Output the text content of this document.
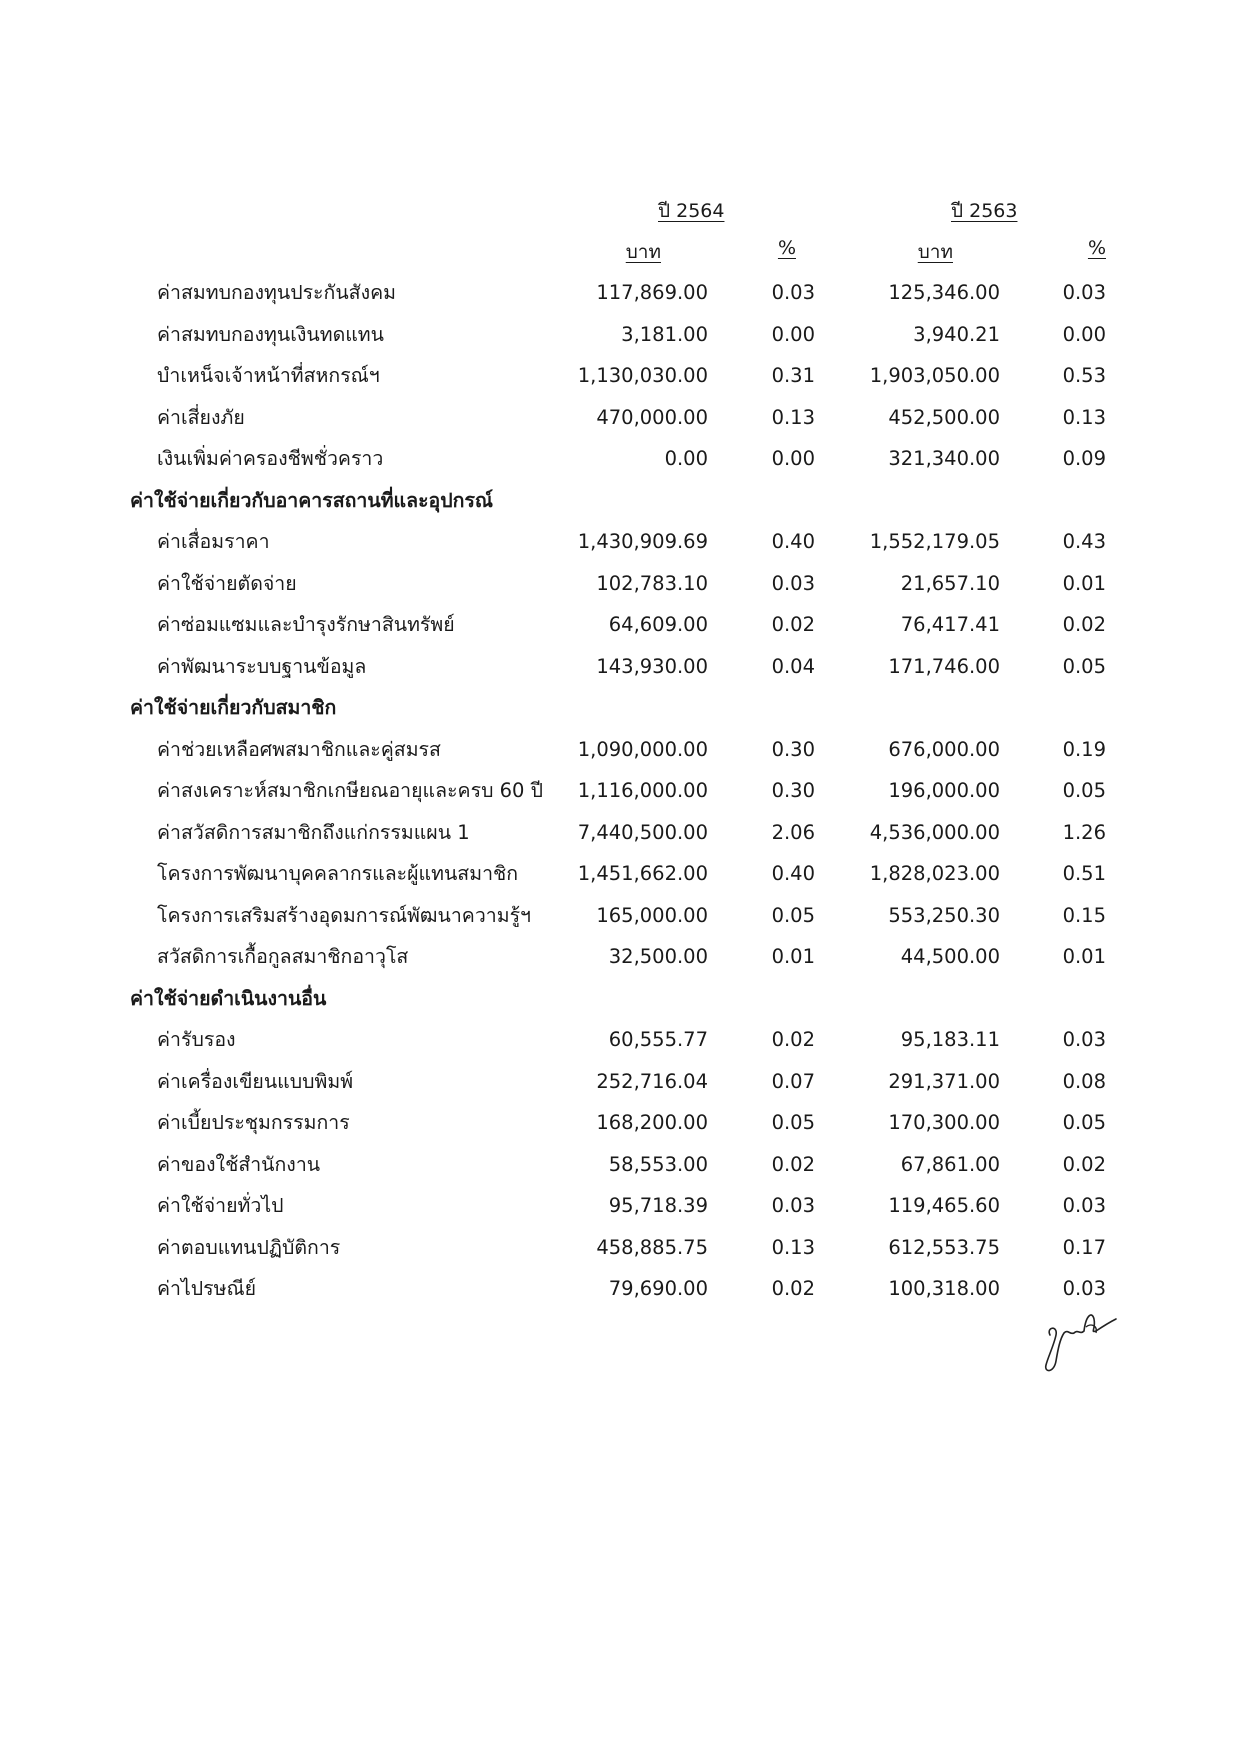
ปี 2564	ปี 2563
บาท	%	บาท	%
ค่าสมทบกองทุนประกันสังคม	117,869.00	0.03	125,346.00	0.03
ค่าสมทบกองทุนเงินทดแทน	3,181.00	0.00	3,940.21	0.00
บำเหน็จเจ้าหน้าที่สหกรณ์ฯ	1,130,030.00	0.31	1,903,050.00	0.53
ค่าเสี่ยงภัย	470,000.00	0.13	452,500.00	0.13
เงินเพิ่มค่าครองชีพชั่วคราว	0.00	0.00	321,340.00	0.09
ค่าใช้จ่ายเกี่ยวกับอาคารสถานที่และอุปกรณ์
ค่าเสื่อมราคา	1,430,909.69	0.40	1,552,179.05	0.43
ค่าใช้จ่ายตัดจ่าย	102,783.10	0.03	21,657.10	0.01
ค่าซ่อมแซมและบำรุงรักษาสินทรัพย์	64,609.00	0.02	76,417.41	0.02
ค่าพัฒนาระบบฐานข้อมูล	143,930.00	0.04	171,746.00	0.05
ค่าใช้จ่ายเกี่ยวกับสมาชิก
ค่าช่วยเหลือศพสมาชิกและคู่สมรส	1,090,000.00	0.30	676,000.00	0.19
ค่าสงเคราะห์สมาชิกเกษียณอายุและครบ 60 ปี 1,116,000.00	0.30	196,000.00	0.05
ค่าสวัสดิการสมาชิกถึงแก่กรรมแผน 1	7,440,500.00	2.06	4,536,000.00	1.26
โครงการพัฒนาบุคคลากรและผู้แทนสมาชิก	1,451,662.00	0.40	1,828,023.00	0.51
โครงการเสริมสร้างอุดมการณ์พัฒนาความรู้ฯ	165,000.00	0.05	553,250.30	0.15
สวัสดิการเกื้อกูลสมาชิกอาวุโส	32,500.00	0.01	44,500.00	0.01
ค่าใช้จ่ายดำเนินงานอื่น
ค่ารับรอง	60,555.77	0.02	95,183.11	0.03
ค่าเครื่องเขียนแบบพิมพ์	252,716.04	0.07	291,371.00	0.08
ค่าเบี้ยประชุมกรรมการ	168,200.00	0.05	170,300.00	0.05
ค่าของใช้สำนักงาน	58,553.00	0.02	67,861.00	0.02
ค่าใช้จ่ายทั่วไป	95,718.39	0.03	119,465.60	0.03
ค่าตอบแทนปฏิบัติการ	458,885.75	0.13	612,553.75	0.17
ค่าไปรษณีย์	79,690.00	0.02	100,318.00	0.03
